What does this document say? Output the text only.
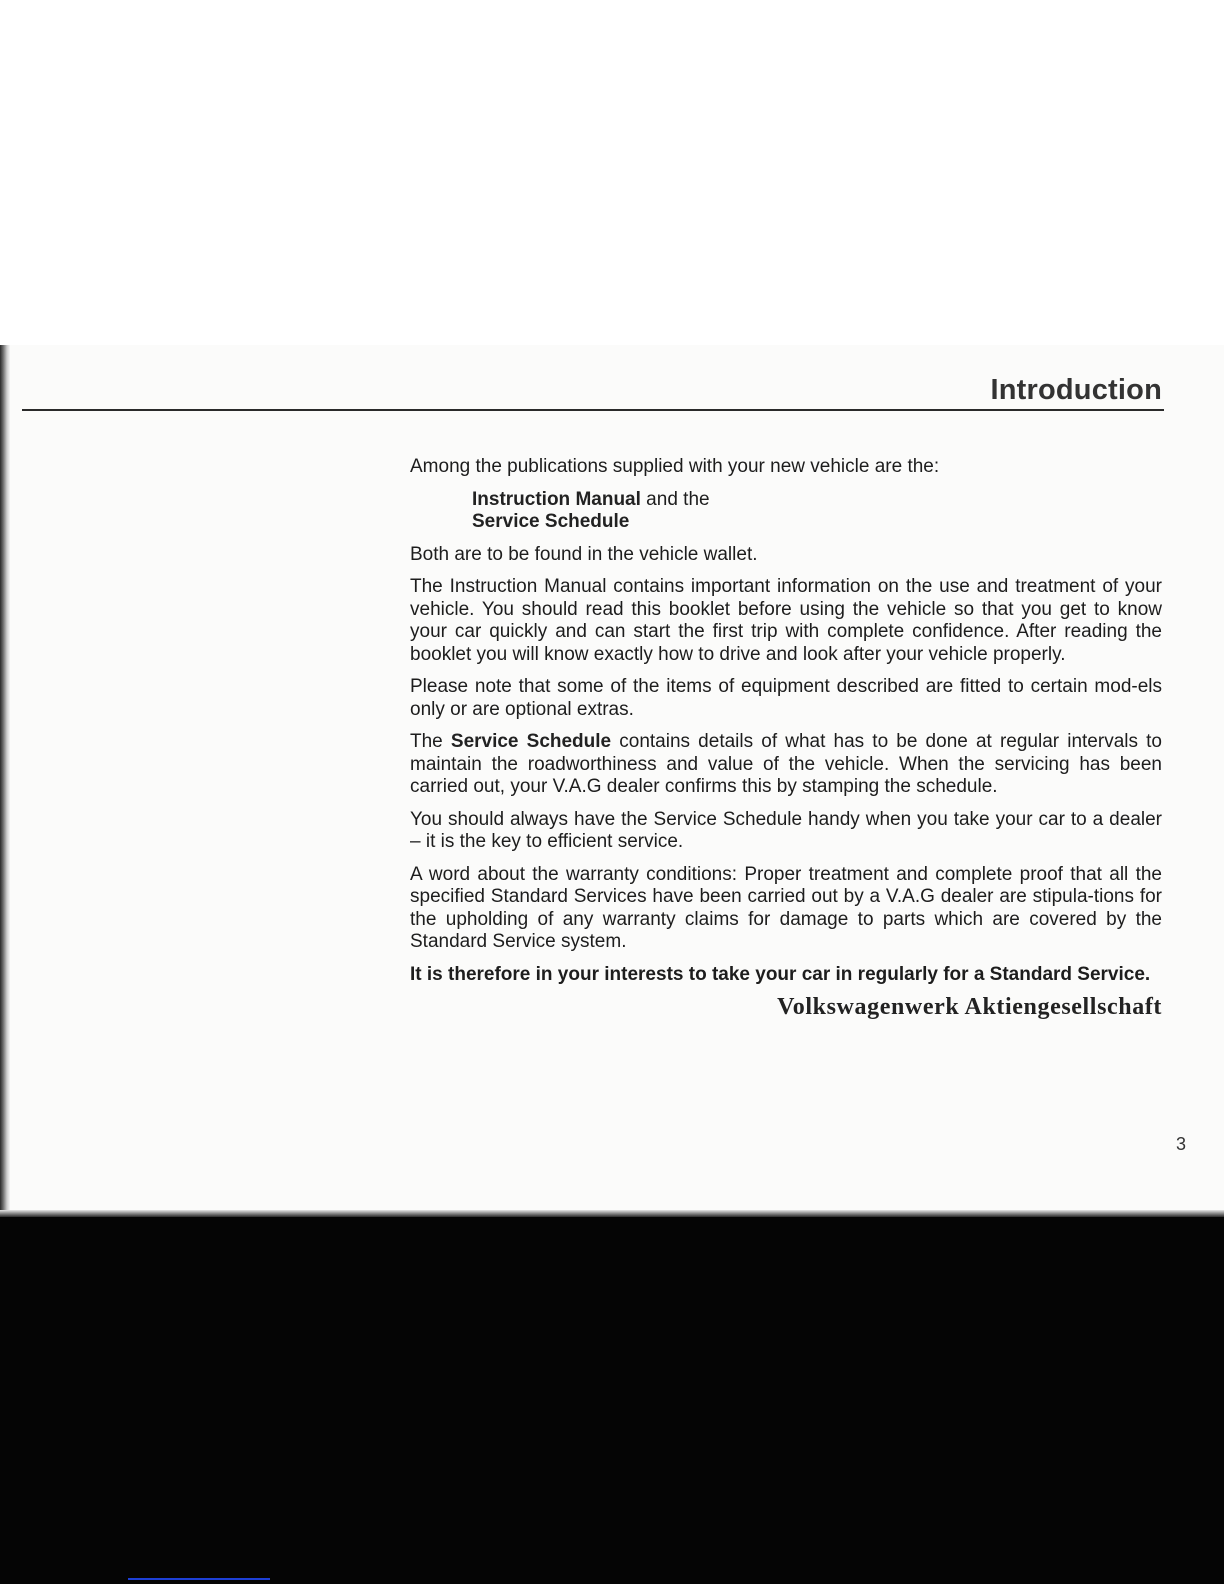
Introduction

Among the publications supplied with your new vehicle are the:

Instruction Manual and the
Service Schedule

Both are to be found in the vehicle wallet.

The Instruction Manual contains important information on the use and treatment of your vehicle. You should read this booklet before using the vehicle so that you get to know your car quickly and can start the first trip with complete confidence. After reading the booklet you will know exactly how to drive and look after your vehicle properly.

Please note that some of the items of equipment described are fitted to certain mod-els only or are optional extras.

The Service Schedule contains details of what has to be done at regular intervals to maintain the roadworthiness and value of the vehicle. When the servicing has been carried out, your V.A.G dealer confirms this by stamping the schedule.

You should always have the Service Schedule handy when you take your car to a dealer – it is the key to efficient service.

A word about the warranty conditions: Proper treatment and complete proof that all the specified Standard Services have been carried out by a V.A.G dealer are stipula-tions for the upholding of any warranty claims for damage to parts which are covered by the Standard Service system.

It is therefore in your interests to take your car in regularly for a Standard Service.

Volkswagenwerk Aktiengesellschaft
3
